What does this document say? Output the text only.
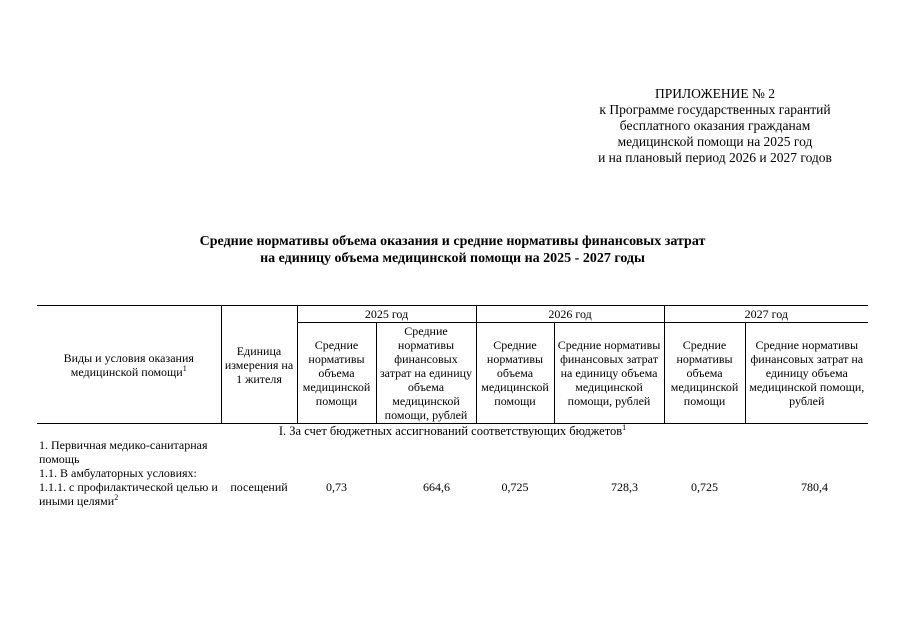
ПРИЛОЖЕНИЕ № 2
к Программе государственных гарантий
бесплатного оказания гражданам
медицинской помощи на 2025 год
и на плановый период 2026 и 2027 годов
Средние нормативы объема оказания и средние нормативы финансовых затрат
на единицу объема медицинской помощи на 2025 - 2027 годы
Виды и условия оказания медицинской помощи$^1$	Единица измерения на 1 жителя	2025 год		2026 год		2027 год	
		Средние нормативы объема медицинской помощи	Средние нормативы финансовых затрат на единицу объема медицинской помощи, рублей	Средние нормативы объема медицинской помощи	Средние нормативы финансовых затрат на единицу объема медицинской помощи, рублей	Средние нормативы объема медицинской помощи	Средние нормативы финансовых затрат на единицу объема медицинской помощи, рублей
I. За счет бюджетных ассигнований соответствующих бюджетов$^1$
1. Первичная медико-санитарная помощь							
1.1. В амбулаторных условиях:							
1.1.1. с профилактической целью и иными целями$^2$	посещений	0,73	664,6	0,725	728,3	0,725	780,4
